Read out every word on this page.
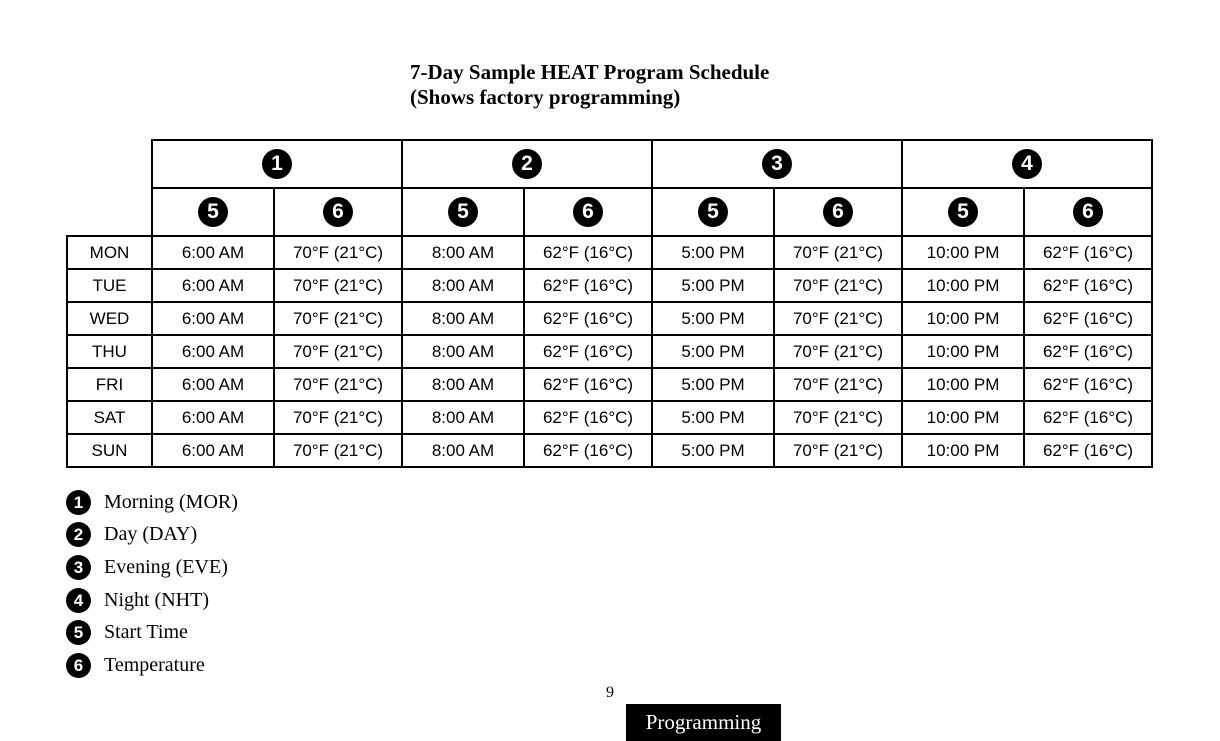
7-Day Sample HEAT Program Schedule
(Shows factory programming)
	1		2		3		4	
	5	6	5	6	5	6	5	6
MON	6:00 AM	70°F (21°C)	8:00 AM	62°F (16°C)	5:00 PM	70°F (21°C)	10:00 PM	62°F (16°C)
TUE	6:00 AM	70°F (21°C)	8:00 AM	62°F (16°C)	5:00 PM	70°F (21°C)	10:00 PM	62°F (16°C)
WED	6:00 AM	70°F (21°C)	8:00 AM	62°F (16°C)	5:00 PM	70°F (21°C)	10:00 PM	62°F (16°C)
THU	6:00 AM	70°F (21°C)	8:00 AM	62°F (16°C)	5:00 PM	70°F (21°C)	10:00 PM	62°F (16°C)
FRI	6:00 AM	70°F (21°C)	8:00 AM	62°F (16°C)	5:00 PM	70°F (21°C)	10:00 PM	62°F (16°C)
SAT	6:00 AM	70°F (21°C)	8:00 AM	62°F (16°C)	5:00 PM	70°F (21°C)	10:00 PM	62°F (16°C)
SUN	6:00 AM	70°F (21°C)	8:00 AM	62°F (16°C)	5:00 PM	70°F (21°C)	10:00 PM	62°F (16°C)
1	Morning (MOR)
2	Day (DAY)
3	Evening (EVE)
4	Night (NHT)
5	Start Time
6	Temperature
9
Programming
